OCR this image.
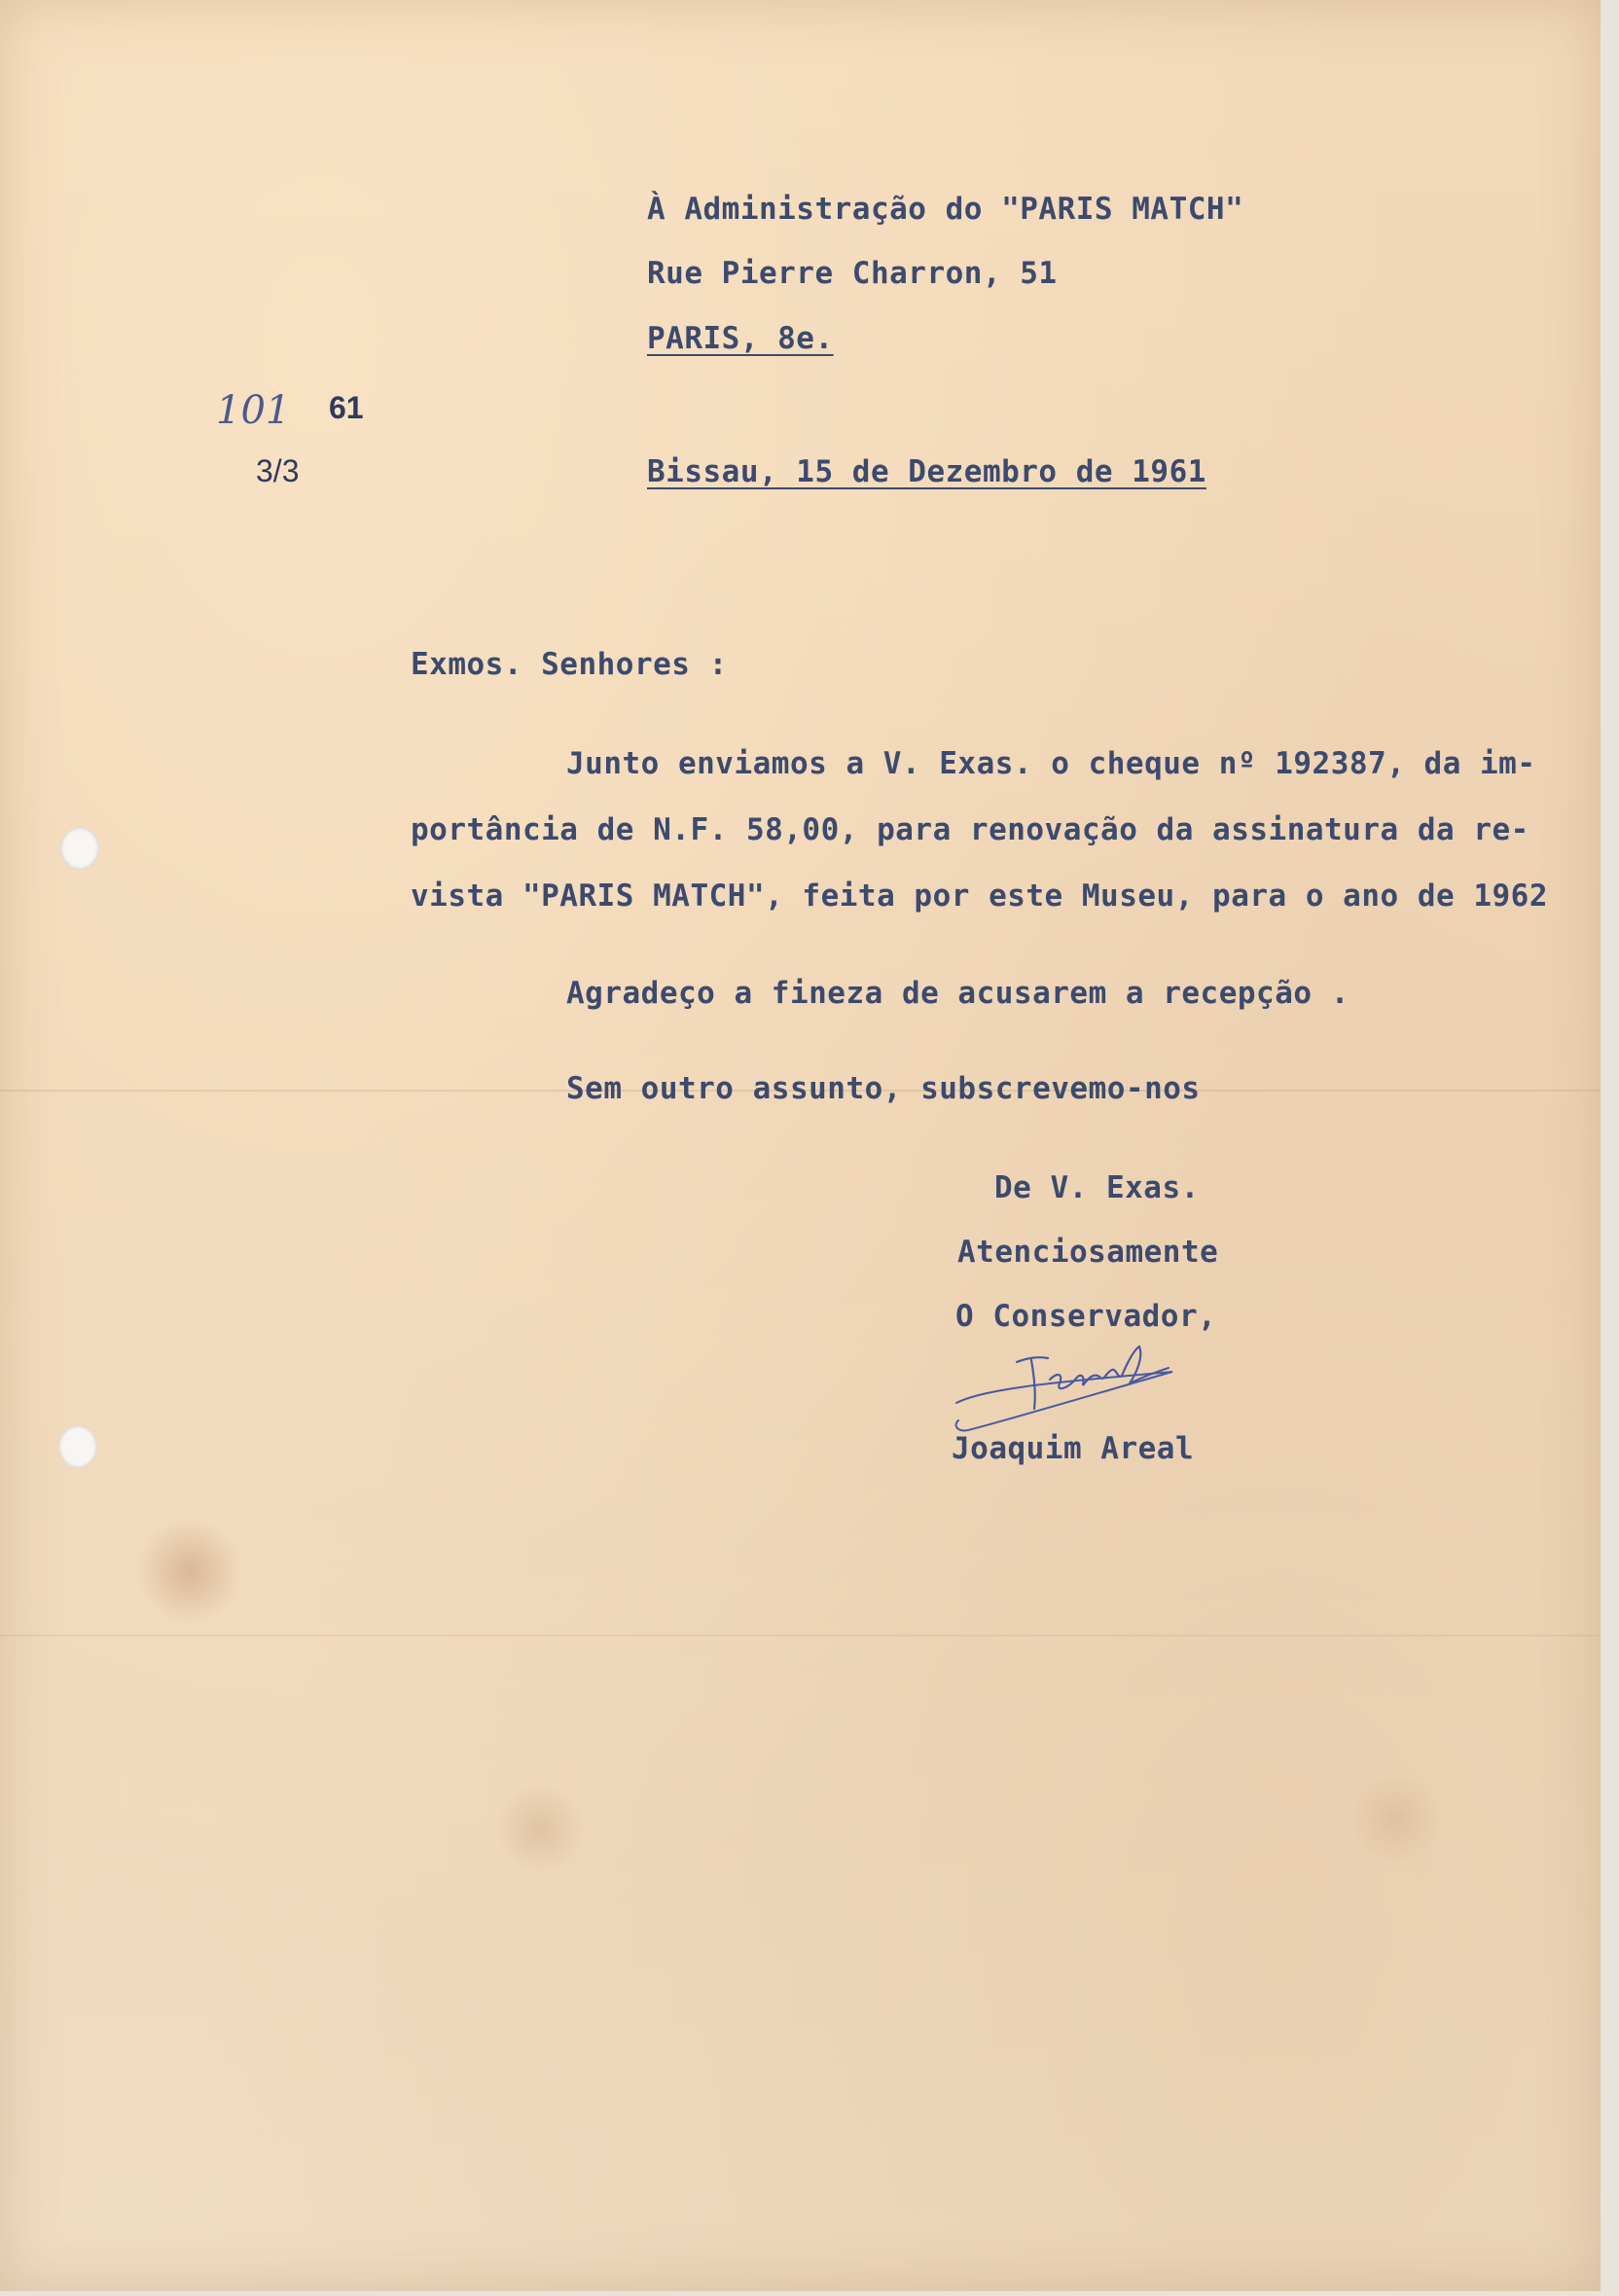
À Administração do "PARIS MATCH"

Rue Pierre Charron, 51

PARIS, 8e.

101 61
3/3	Bissau, 15 de Dezembro de 1961

Exmos. Senhores :

Junto enviamos a V. Exas. o cheque nº 192387, da im-

portância de N.F. 58,00, para renovação da assinatura da re-

vista "PARIS MATCH", feita por este Museu, para o ano de 1962

Agradeço a fineza de acusarem a recepção .

Sem outro assunto, subscrevemo-nos

De V. Exas.

Atenciosamente

O Conservador,

Joaquim Areal
